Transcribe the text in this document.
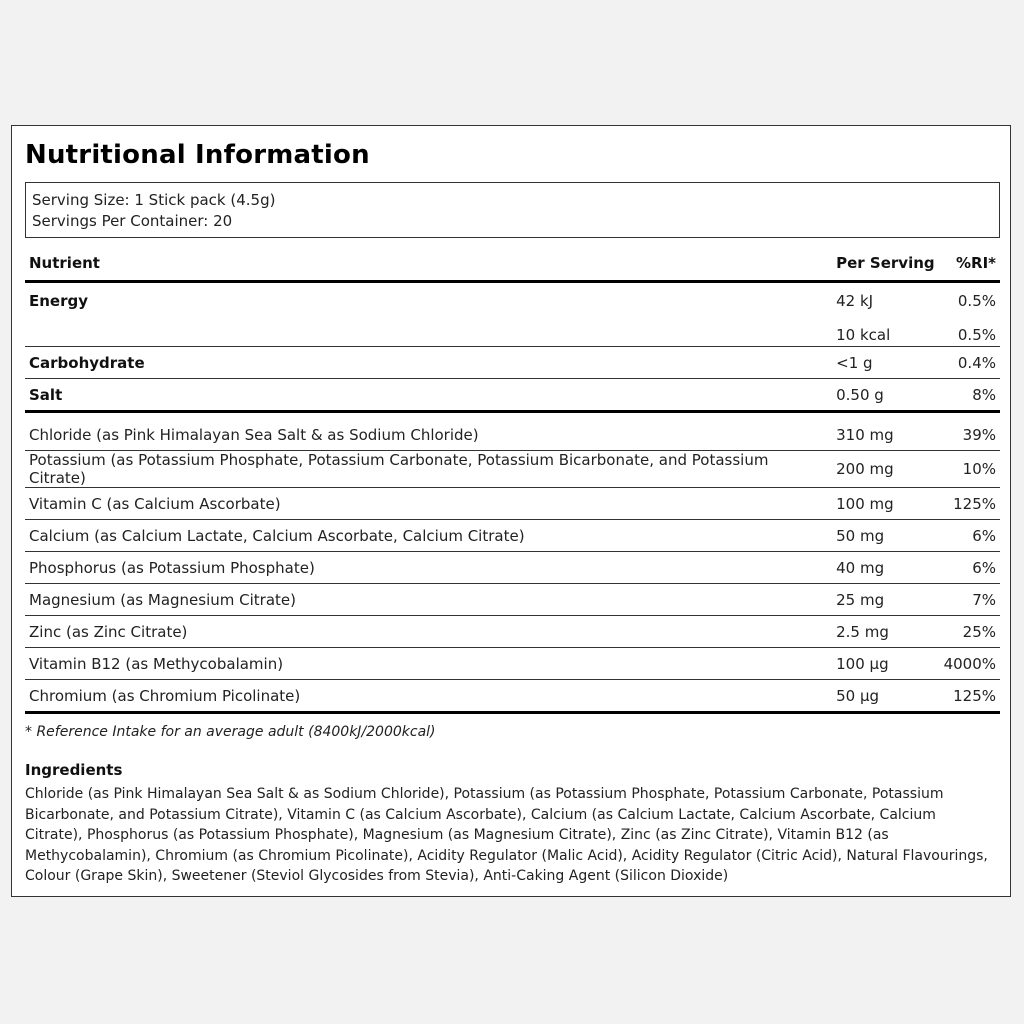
Nutritional Information
Serving Size: 1 Stick pack (4.5g)
Servings Per Container: 20
Nutrient	Per Serving	%RI*
Energy	42 kJ	0.5%
	10 kcal	0.5%
Carbohydrate	<1 g	0.4%
Salt	0.50 g	8%

Chloride (as Pink Himalayan Sea Salt & as Sodium Chloride)	310 mg	39%
Potassium (as Potassium Phosphate, Potassium Carbonate, Potassium Bicarbonate, and Potassium Citrate)	200 mg	10%
Vitamin C (as Calcium Ascorbate)	100 mg	125%
Calcium (as Calcium Lactate, Calcium Ascorbate, Calcium Citrate)	50 mg	6%
Phosphorus (as Potassium Phosphate)	40 mg	6%
Magnesium (as Magnesium Citrate)	25 mg	7%
Zinc (as Zinc Citrate)	2.5 mg	25%
Vitamin B12 (as Methycobalamin)	100 µg	4000%
Chromium (as Chromium Picolinate)	50 µg	125%
* Reference Intake for an average adult (8400kJ/2000kcal)
Ingredients
Chloride (as Pink Himalayan Sea Salt & as Sodium Chloride), Potassium (as Potassium Phosphate, Potassium Carbonate, Potassium Bicarbonate, and Potassium Citrate), Vitamin C (as Calcium Ascorbate), Calcium (as Calcium Lactate, Calcium Ascorbate, Calcium Citrate), Phosphorus (as Potassium Phosphate), Magnesium (as Magnesium Citrate), Zinc (as Zinc Citrate), Vitamin B12 (as Methycobalamin), Chromium (as Chromium Picolinate), Acidity Regulator (Malic Acid), Acidity Regulator (Citric Acid), Natural Flavourings, Colour (Grape Skin), Sweetener (Steviol Glycosides from Stevia), Anti-Caking Agent (Silicon Dioxide)
